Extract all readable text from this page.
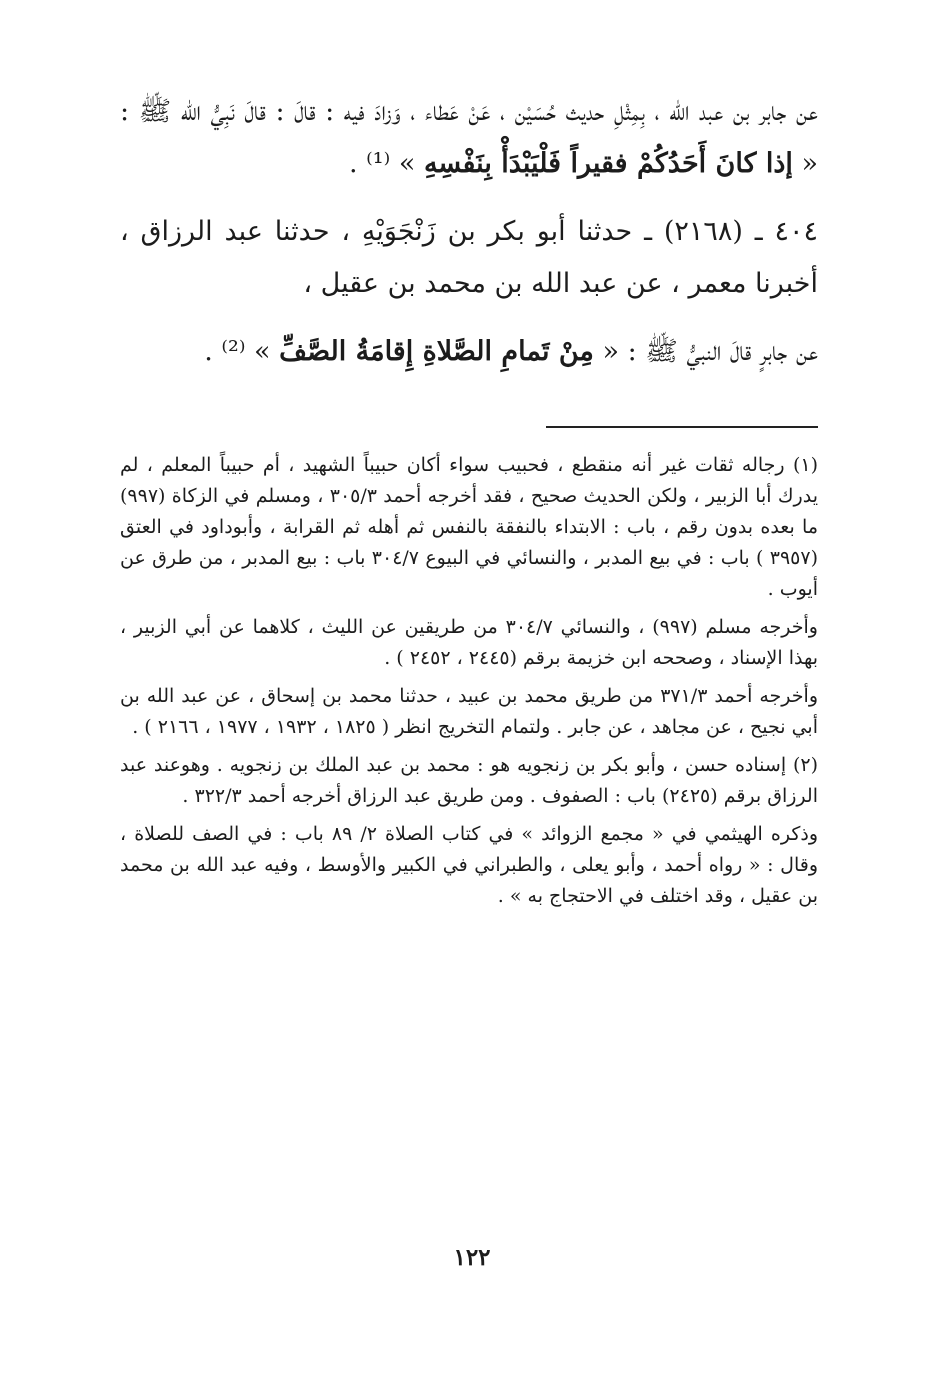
عن جابر بن عبد الله ، بِمِثْلِ حديث حُسَيْن ، عَنْ عَطاء ، وَزادَ فيه : قالَ : قالَ نَبِيُّ الله ﷺ : « إذا كانَ أَحَدُكُمْ فقيراً فَلْيَبْدَأْ بِنَفْسِهِ » ⁽¹⁾ .

٤٠٤ ـ (٢١٦٨) ـ حدثنا أبو بكر بن زَنْجَوَيْهِ ، حدثنا عبد الرزاق ، أخبرنا معمر ، عن عبد الله بن محمد بن عقيل ،

عن جابرٍ قالَ النبيُّ ﷺ : « مِنْ تَمامِ الصَّلاةِ إِقامَةُ الصَّفِّ » ⁽²⁾ .

(١) رجاله ثقات غير أنه منقطع ، فحبيب سواء أكان حبيباً الشهيد ، أم حبيباً المعلم ، لم يدرك أبا الزبير ، ولكن الحديث صحيح ، فقد أخرجه أحمد ٣٠٥/٣ ، ومسلم في الزكاة (٩٩٧) ما بعده بدون رقم ، باب : الابتداء بالنفقة بالنفس ثم أهله ثم القرابة ، وأبوداود في العتق (٣٩٥٧ ) باب : في بيع المدبر ، والنسائي في البيوع ٣٠٤/٧ باب : بيع المدبر ، من طرق عن أيوب .

وأخرجه مسلم (٩٩٧) ، والنسائي ٣٠٤/٧ من طريقين عن الليث ، كلاهما عن أبي الزبير ، بهذا الإسناد ، وصححه ابن خزيمة برقم (٢٤٤٥ ، ٢٤٥٢ ) .

وأخرجه أحمد ٣٧١/٣ من طريق محمد بن عبيد ، حدثنا محمد بن إسحاق ، عن عبد الله بن أبي نجيح ، عن مجاهد ، عن جابر . ولتمام التخريج انظر ( ١٨٢٥ ، ١٩٣٢ ، ١٩٧٧ ، ٢١٦٦ ) .

(٢) إسناده حسن ، وأبو بكر بن زنجويه هو : محمد بن عبد الملك بن زنجويه . وهوعند عبد الرزاق برقم (٢٤٢٥) باب : الصفوف . ومن طريق عبد الرزاق أخرجه أحمد ٣٢٢/٣ .

وذكره الهيثمي في « مجمع الزوائد » في كتاب الصلاة ٢/ ٨٩ باب : في الصف للصلاة ، وقال : « رواه أحمد ، وأبو يعلى ، والطبراني في الكبير والأوسط ، وفيه عبد الله بن محمد بن عقيل ، وقد اختلف في الاحتجاج به » .

١٢٢
